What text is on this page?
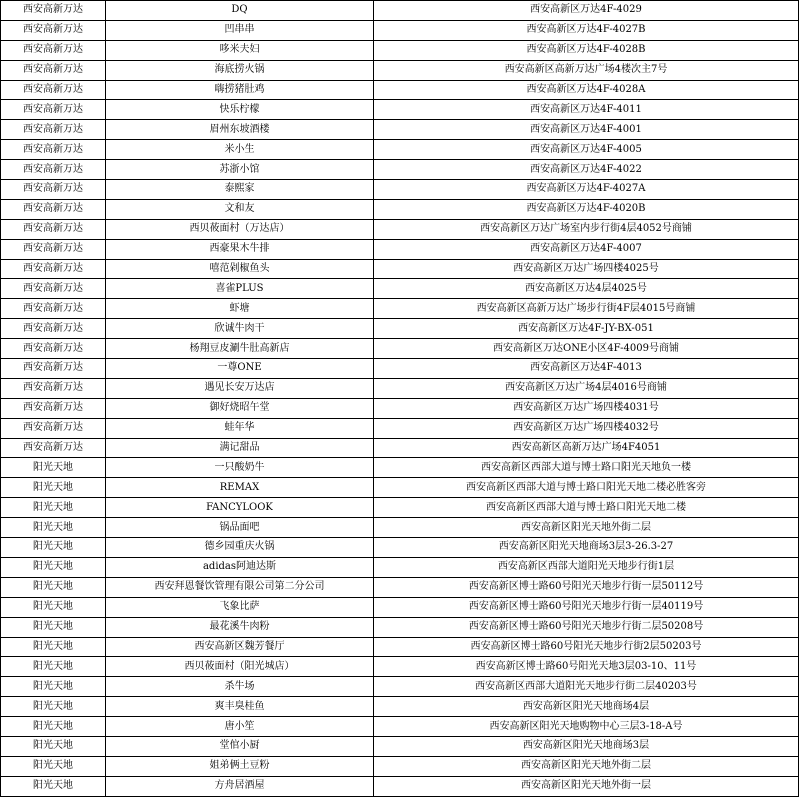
西安高新万达	DQ	西安高新区万达4F-4029
西安高新万达	凹串串	西安高新区万达4F-4027B
西安高新万达	哆米夫妇	西安高新区万达4F-4028B
西安高新万达	海底捞火锅	西安高新区高新万达广场4楼次主7号
西安高新万达	嗨捞猪肚鸡	西安高新区万达4F-4028A
西安高新万达	快乐柠檬	西安高新区万达4F-4011
西安高新万达	眉州东坡酒楼	西安高新区万达4F-4001
西安高新万达	米小生	西安高新区万达4F-4005
西安高新万达	苏浙小馆	西安高新区万达4F-4022
西安高新万达	泰熙家	西安高新区万达4F-4027A
西安高新万达	文和友	西安高新区万达4F-4020B
西安高新万达	西贝莜面村（万达店）	西安高新区万达广场室内步行街4层4052号商铺
西安高新万达	西豪果木牛排	西安高新区万达4F-4007
西安高新万达	嘻范剁椒鱼头	西安高新区万达广场四楼4025号
西安高新万达	喜雀PLUS	西安高新区万达4层4025号
西安高新万达	虾塘	西安高新区高新万达广场步行街4F层4015号商铺
西安高新万达	欣诚牛肉干	西安高新区万达4F-JY-BX-051
西安高新万达	杨翔豆皮涮牛肚高新店	西安高新区万达ONE小区4F-4009号商铺
西安高新万达	一尊ONE	西安高新区万达4F-4013
西安高新万达	遇见长安万达店	西安高新区万达广场4层4016号商铺
西安高新万达	御好烧昭午堂	西安高新区万达广场四楼4031号
西安高新万达	蛙年华	西安高新区万达广场四楼4032号
西安高新万达	满记甜品	西安高新区高新万达广场4F4051
阳光天地	一只酸奶牛	西安高新区西部大道与博士路口阳光天地负一楼
阳光天地	REMAX	西安高新区西部大道与博士路口阳光天地二楼必胜客旁
阳光天地	FANCYLOOK	西安高新区西部大道与博士路口阳光天地二楼
阳光天地	锅品面吧	西安高新区阳光天地外街二层
阳光天地	德乡园重庆火锅	西安高新区阳光天地商场3层3-26.3-27
阳光天地	adidas阿迪达斯	西安高新区西部大道阳光天地步行街1层
阳光天地	西安拜恩餐饮管理有限公司第二分公司	西安高新区博士路60号阳光天地步行街一层50112号
阳光天地	飞象比萨	西安高新区博士路60号阳光天地步行街一层40119号
阳光天地	最花溪牛肉粉	西安高新区博士路60号阳光天地步行街二层50208号
阳光天地	西安高新区魏芳餐厅	西安高新区博士路60号阳光天地步行街2层50203号
阳光天地	西贝莜面村（阳光城店）	西安高新区博士路60号阳光天地3层03-10、11号
阳光天地	杀牛场	西安高新区西部大道阳光天地步行街二层40203号
阳光天地	爽丰臭桂鱼	西安高新区阳光天地商场4层
阳光天地	唐小笙	西安高新区阳光天地购物中心三层3-18-A号
阳光天地	堂倌小厨	西安高新区阳光天地商场3层
阳光天地	姐弟俩土豆粉	西安高新区阳光天地外街二层
阳光天地	方舟居酒屋	西安高新区阳光天地外街一层
